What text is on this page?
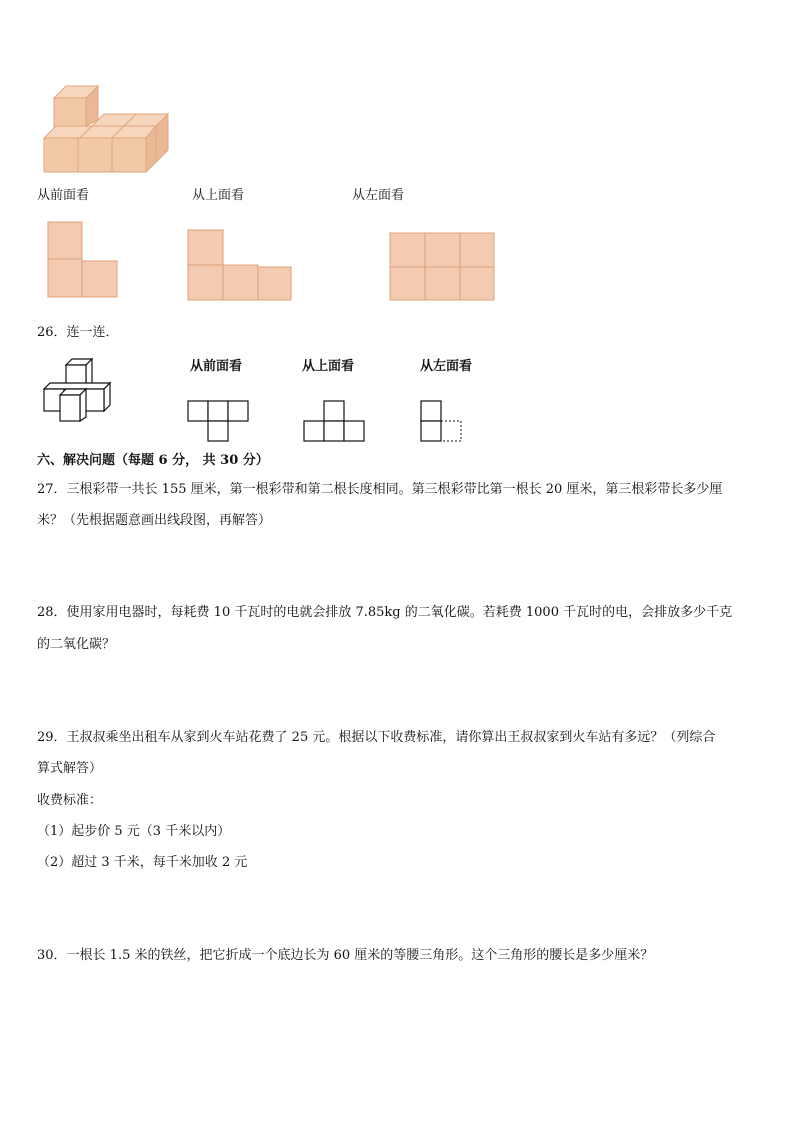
从前面看	从上面看	从左面看
26．连一连．
从前面看	从上面看	从左面看
六、解决问题（每题 6 分， 共 30 分）
27．三根彩带一共长 155 厘米，第一根彩带和第二根长度相同。第三根彩带比第一根长 20 厘米，第三根彩带长多少厘
米？（先根据题意画出线段图，再解答）
28．使用家用电器时，每耗费 10 千瓦时的电就会排放 7.85kg 的二氧化碳。若耗费 1000 千瓦时的电，会排放多少千克
的二氧化碳？
29．王叔叔乘坐出租车从家到火车站花费了 25 元。根据以下收费标准，请你算出王叔叔家到火车站有多远？（列综合
算式解答）
收费标准：
（1）起步价 5 元（3 千米以内）
（2）超过 3 千米，每千米加收 2 元
30．一根长 1.5 米的铁丝，把它折成一个底边长为 60 厘米的等腰三角形。这个三角形的腰长是多少厘米？
